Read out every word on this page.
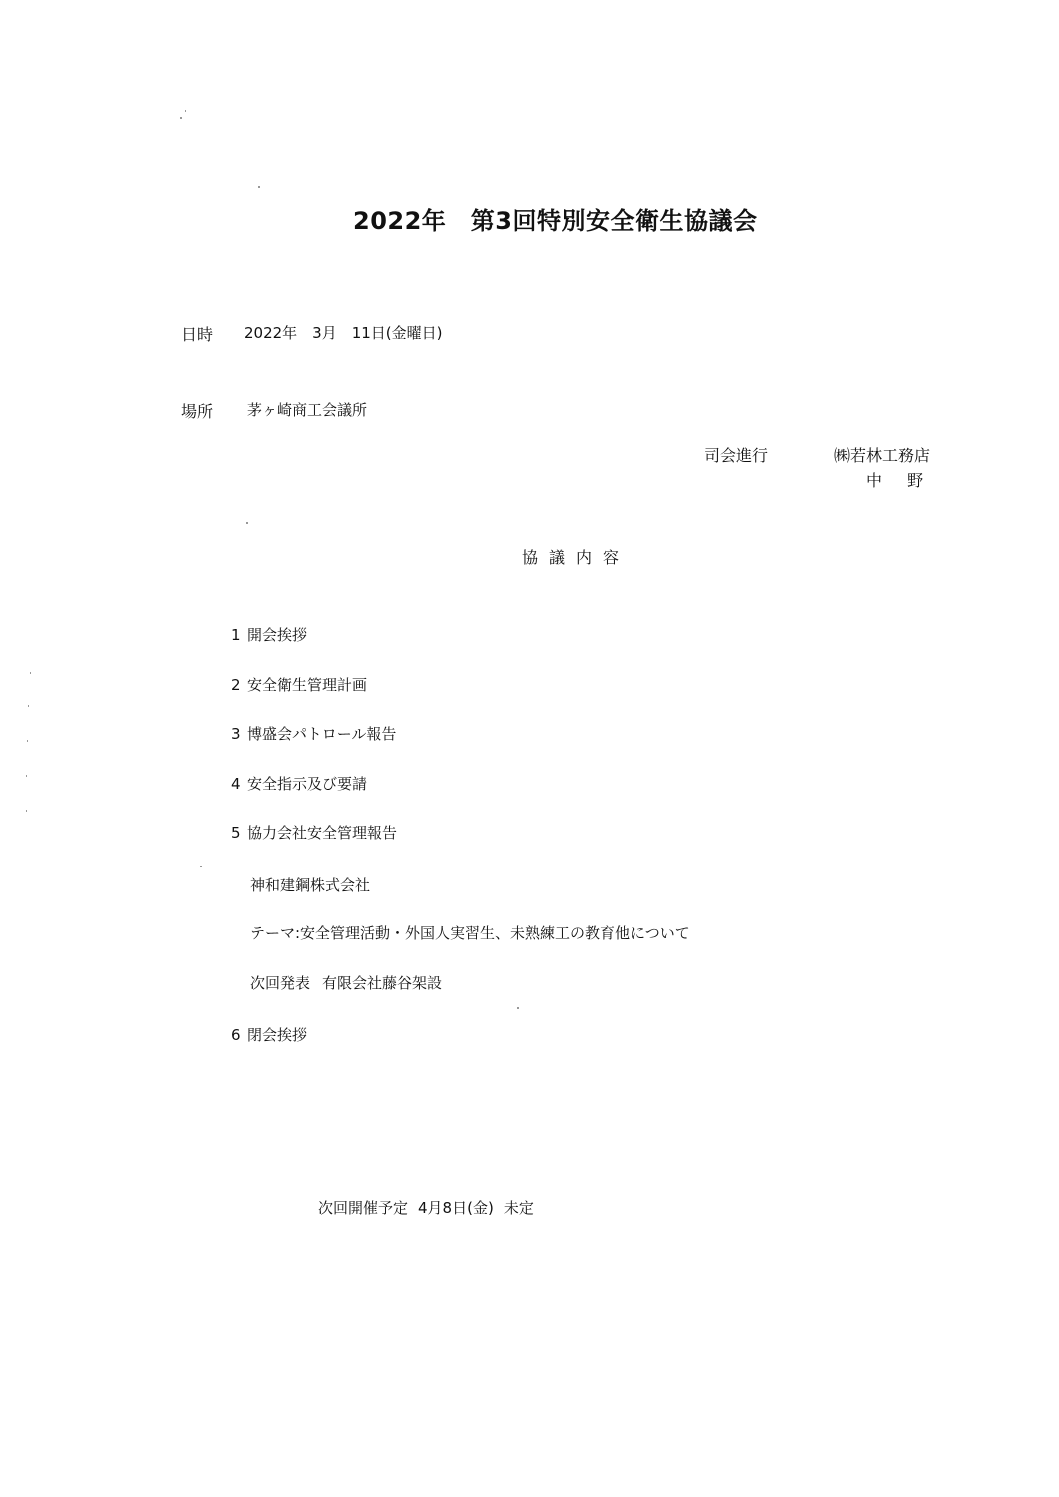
2022年　第3回特別安全衛生協議会
日時 2022年　3月　11日(金曜日)
場所 茅ヶ崎商工会議所
司会進行	㈱若林工務店
中 野
協議内容
1 開会挨拶
2 安全衛生管理計画
3 博盛会パトロール報告
4 安全指示及び要請
5 協力会社安全管理報告
神和建鋼株式会社
テーマ:安全管理活動・外国人実習生、未熟練工の教育他について
次回発表 有限会社藤谷架設
6 閉会挨拶
次回開催予定 4月8日(金) 未定
